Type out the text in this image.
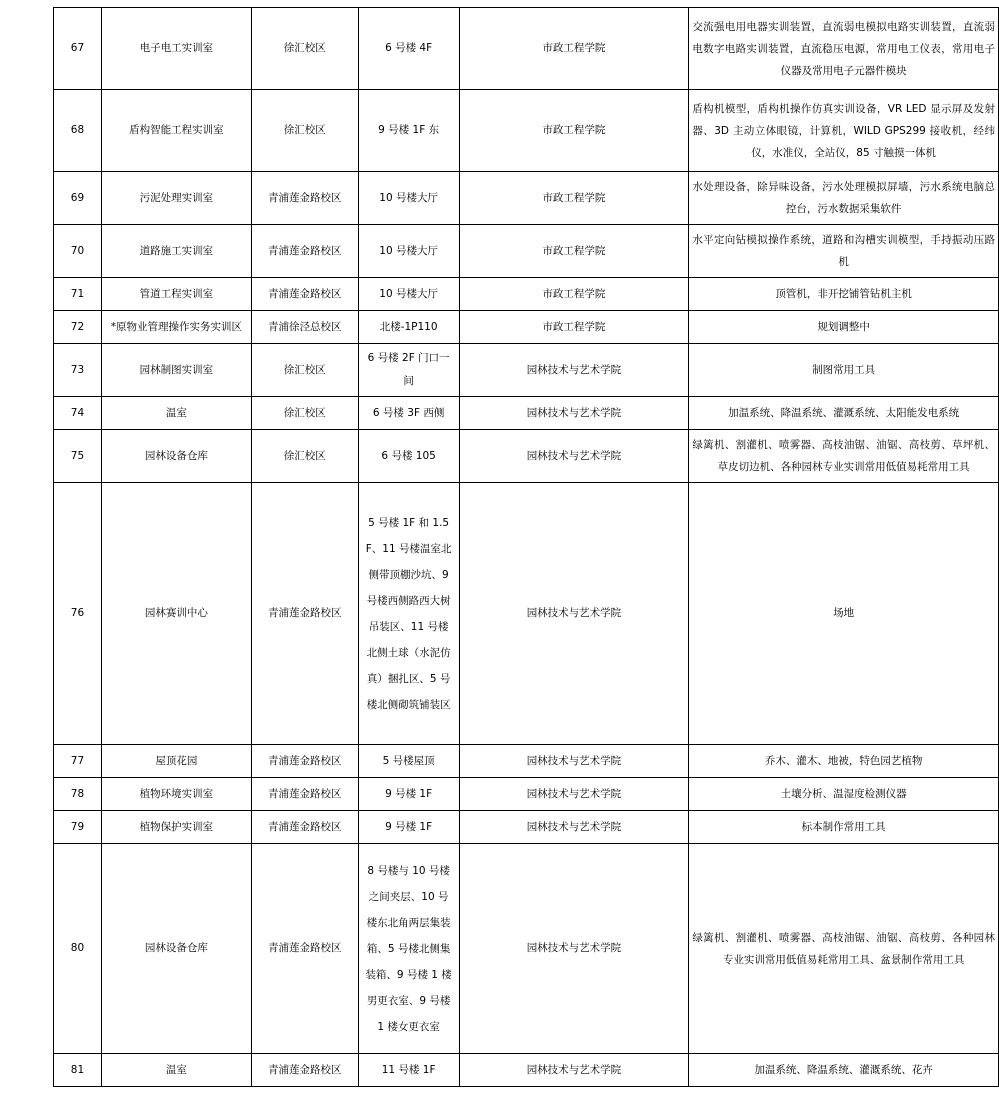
67	电子电工实训室	徐汇校区	6 号楼 4F	市政工程学院	交流强电用电器实训装置，直流弱电模拟电路实训装置，直流弱电数字电路实训装置，直流稳压电源，常用电工仪表，常用电子仪器及常用电子元器件模块
68	盾构智能工程实训室	徐汇校区	9 号楼 1F 东	市政工程学院	盾构机模型，盾构机操作仿真实训设备，VR LED 显示屏及发射器、3D 主动立体眼镜，计算机，WILD GPS299 接收机，经纬仪，水准仪，全站仪，85 寸触摸一体机
69	污泥处理实训室	青浦莲金路校区	10 号楼大厅	市政工程学院	水处理设备，除异味设备，污水处理模拟屏墙，污水系统电脑总控台，污水数据采集软件
70	道路施工实训室	青浦莲金路校区	10 号楼大厅	市政工程学院	水平定向钻模拟操作系统，道路和沟槽实训模型，手持振动压路机
71	管道工程实训室	青浦莲金路校区	10 号楼大厅	市政工程学院	顶管机，非开挖铺管钻机主机
72	*原物业管理操作实务实训区	青浦徐泾总校区	北楼-1P110	市政工程学院	规划调整中
73	园林制图实训室	徐汇校区	6 号楼 2F 门口一间	园林技术与艺术学院	制图常用工具
74	温室	徐汇校区	6 号楼 3F 西侧	园林技术与艺术学院	加温系统、降温系统、灌溉系统、太阳能发电系统
75	园林设备仓库	徐汇校区	6 号楼 105	园林技术与艺术学院	绿篱机、割灌机、喷雾器、高枝油锯、油锯、高枝剪、草坪机、草皮切边机、各种园林专业实训常用低值易耗常用工具
76	园林赛训中心	青浦莲金路校区	5 号楼 1F 和 1.5F、11 号楼温室北侧带顶棚沙坑、9 号楼西侧路西大树吊装区、11 号楼北侧土球（水泥仿真）捆扎区、5 号楼北侧砌筑铺装区	园林技术与艺术学院	场地
77	屋顶花园	青浦莲金路校区	5 号楼屋顶	园林技术与艺术学院	乔木、灌木、地被，特色园艺植物
78	植物环境实训室	青浦莲金路校区	9 号楼 1F	园林技术与艺术学院	土壤分析、温湿度检测仪器
79	植物保护实训室	青浦莲金路校区	9 号楼 1F	园林技术与艺术学院	标本制作常用工具
80	园林设备仓库	青浦莲金路校区	8 号楼与 10 号楼之间夹层、10 号楼东北角两层集装箱、5 号楼北侧集装箱、9 号楼 1 楼男更衣室、9 号楼 1 楼女更衣室	园林技术与艺术学院	绿篱机、割灌机、喷雾器、高枝油锯、油锯、高枝剪、各种园林专业实训常用低值易耗常用工具、盆景制作常用工具
81	温室	青浦莲金路校区	11 号楼 1F	园林技术与艺术学院	加温系统、降温系统、灌溉系统、花卉
